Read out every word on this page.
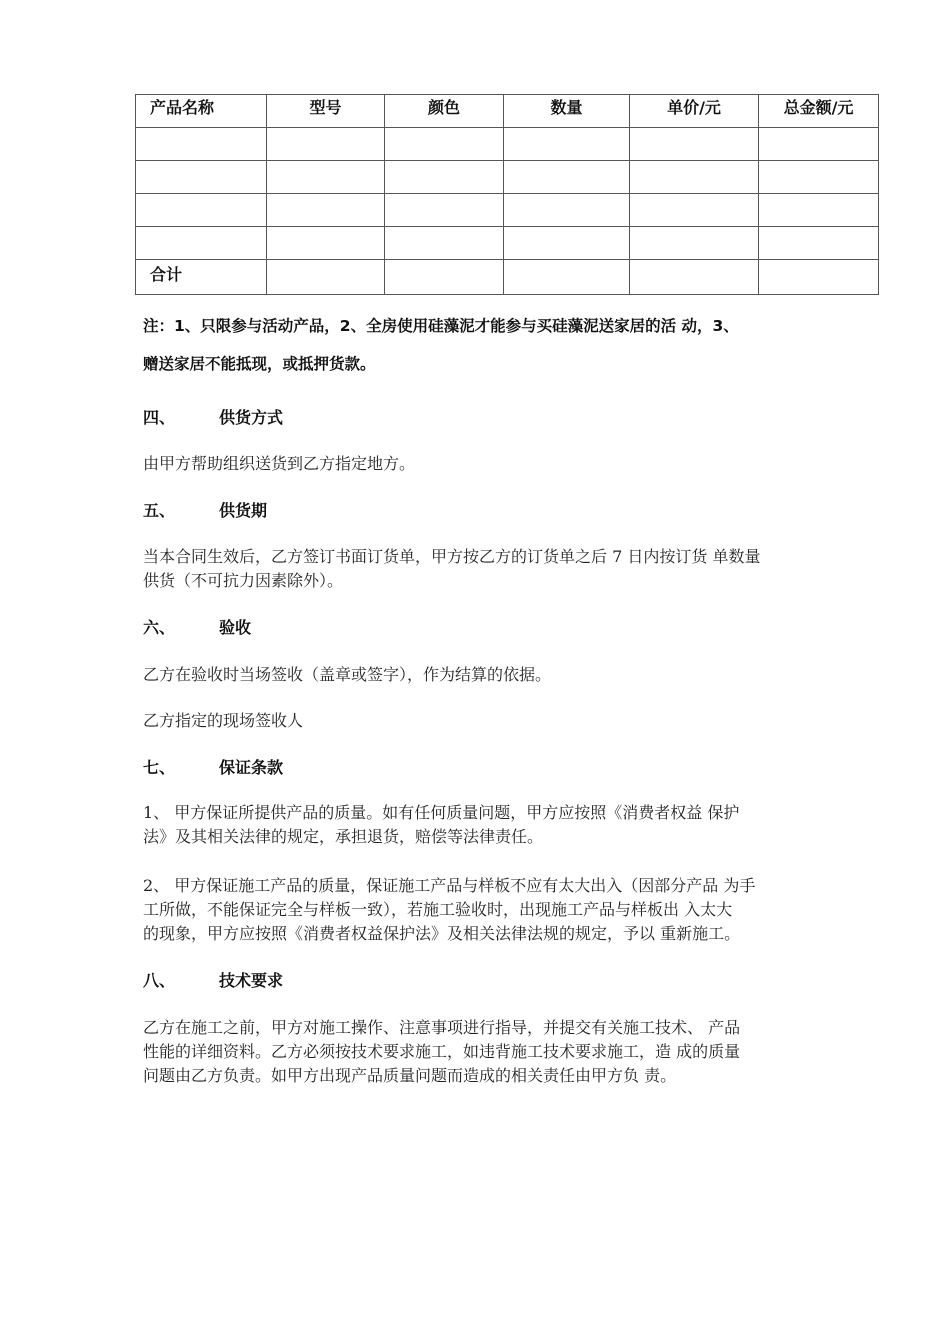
产品名称	型号	颜色	数量	单价/元	总金额/元

合计					
注：1、只限参与活动产品，2、全房使用硅藻泥才能参与买硅藻泥送家居的活 动，3、
赠送家居不能抵现，或抵押货款。
四、	供货方式
由甲方帮助组织送货到乙方指定地方。
五、	供货期
当本合同生效后，乙方签订书面订货单，甲方按乙方的订货单之后 7 日内按订货 单数量
供货（不可抗力因素除外）。
六、	验收
乙方在验收时当场签收（盖章或签字），作为结算的依据。
乙方指定的现场签收人
七、	保证条款
1、 甲方保证所提供产品的质量。如有任何质量问题，甲方应按照《消费者权益 保护
法》及其相关法律的规定，承担退货，赔偿等法律责任。
2、 甲方保证施工产品的质量，保证施工产品与样板不应有太大出入（因部分产品 为手
工所做，不能保证完全与样板一致），若施工验收时，出现施工产品与样板出 入太大
的现象，甲方应按照《消费者权益保护法》及相关法律法规的规定，予以 重新施工。
八、	技术要求
乙方在施工之前，甲方对施工操作、注意事项进行指导，并提交有关施工技术、 产品
性能的详细资料。乙方必须按技术要求施工，如违背施工技术要求施工，造 成的质量
问题由乙方负责。如甲方出现产品质量问题而造成的相关责任由甲方负 责。
